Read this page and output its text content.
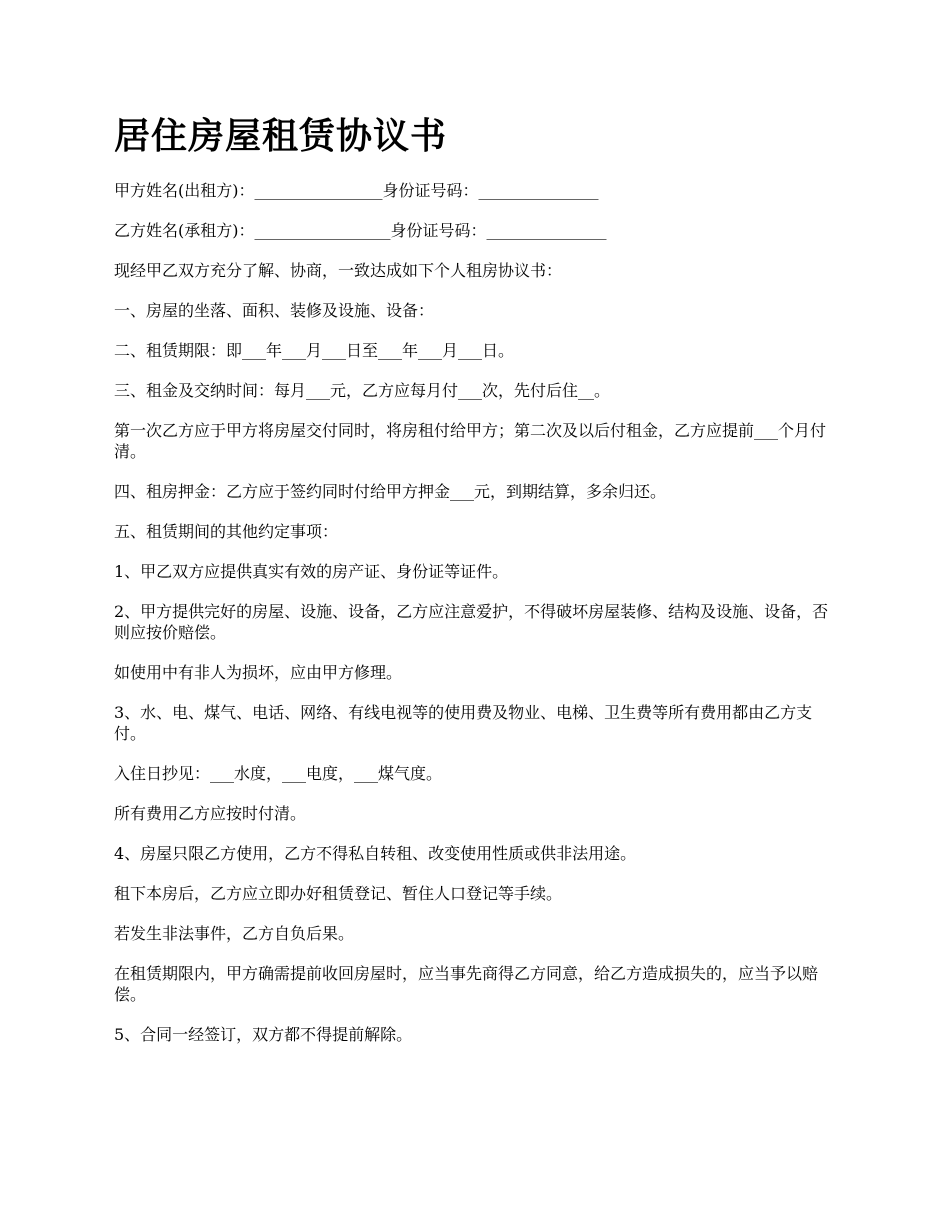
居住房屋租赁协议书

甲方姓名(出租方)：________________身份证号码：_______________

乙方姓名(承租方)：_________________身份证号码：_______________

现经甲乙双方充分了解、协商，一致达成如下个人租房协议书：

一、房屋的坐落、面积、装修及设施、设备：

二、租赁期限：即___年___月___日至___年___月___日。

三、租金及交纳时间：每月___元，乙方应每月付___次，先付后住__。

第一次乙方应于甲方将房屋交付同时，将房租付给甲方；第二次及以后付租金，乙方应提前___个月付清。

四、租房押金：乙方应于签约同时付给甲方押金___元，到期结算，多余归还。

五、租赁期间的其他约定事项：

1、甲乙双方应提供真实有效的房产证、身份证等证件。

2、甲方提供完好的房屋、设施、设备，乙方应注意爱护，不得破坏房屋装修、结构及设施、设备，否则应按价赔偿。

如使用中有非人为损坏，应由甲方修理。

3、水、电、煤气、电话、网络、有线电视等的使用费及物业、电梯、卫生费等所有费用都由乙方支付。

入住日抄见：___水度，___电度，___煤气度。

所有费用乙方应按时付清。

4、房屋只限乙方使用，乙方不得私自转租、改变使用性质或供非法用途。

租下本房后，乙方应立即办好租赁登记、暂住人口登记等手续。

若发生非法事件，乙方自负后果。

在租赁期限内，甲方确需提前收回房屋时，应当事先商得乙方同意，给乙方造成损失的，应当予以赔偿。

5、合同一经签订，双方都不得提前解除。
